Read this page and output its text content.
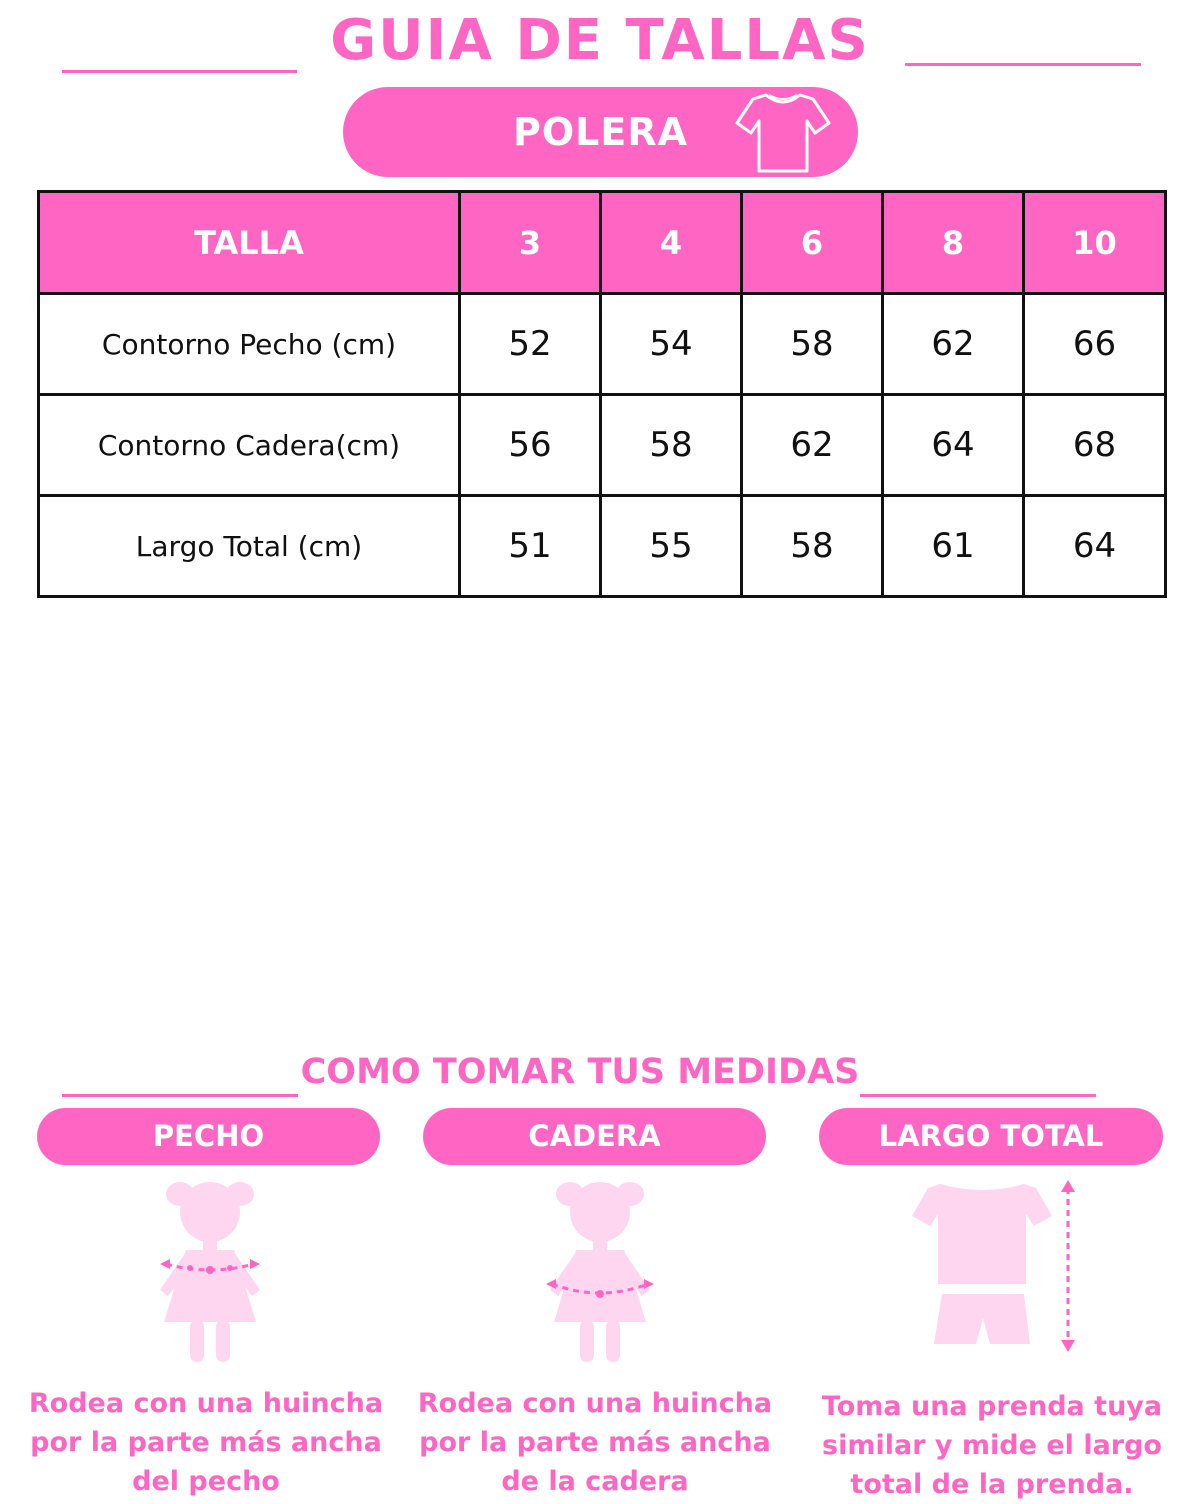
GUIA DE TALLAS
POLERA
TALLA	3	4	6	8	10
Contorno Pecho (cm)	52	54	58	62	66
Contorno Cadera(cm)	56	58	62	64	68
Largo Total (cm)	51	55	58	61	64
COMO TOMAR TUS MEDIDAS
PECHO	CADERA	LARGO TOTAL
Rodea con una huincha
por la parte más ancha
del pecho
Rodea con una huincha
por la parte más ancha
de la cadera
Toma una prenda tuya
similar y mide el largo
total de la prenda.
